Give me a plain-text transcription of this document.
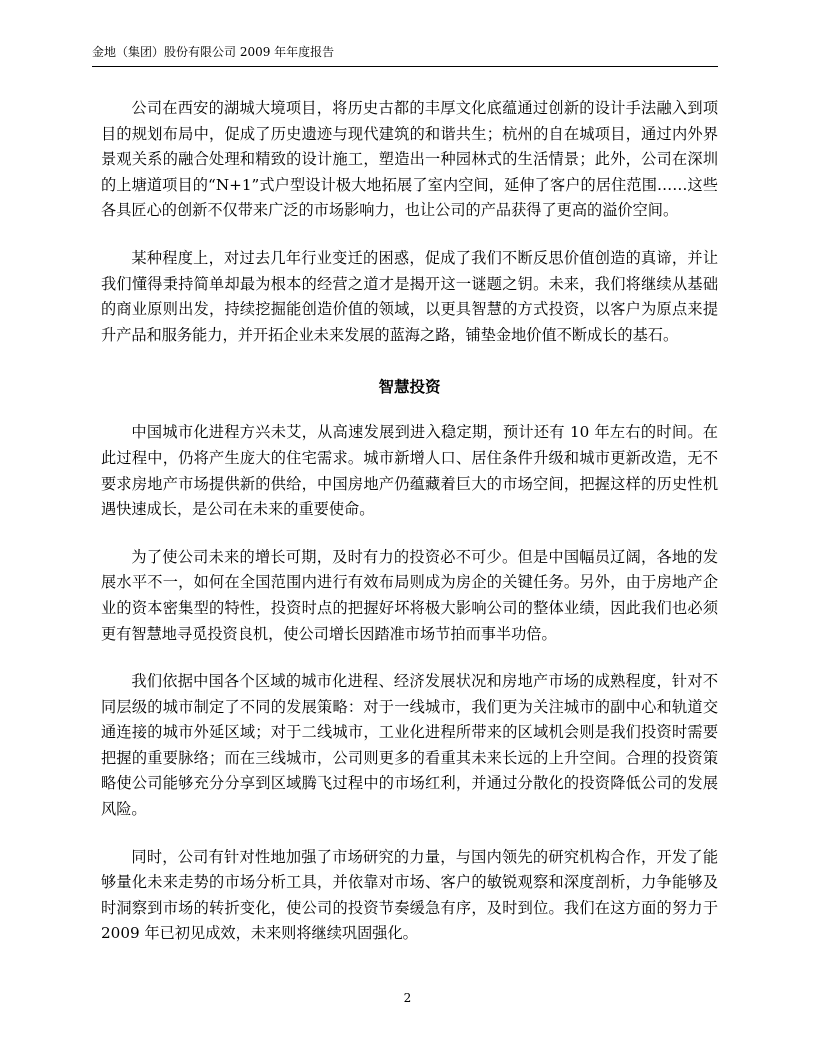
金地（集团）股份有限公司 2009 年年度报告

公司在西安的湖城大境项目，将历史古都的丰厚文化底蕴通过创新的设计手法融入到项目的规划布局中，促成了历史遗迹与现代建筑的和谐共生；杭州的自在城项目，通过内外界景观关系的融合处理和精致的设计施工，塑造出一种园林式的生活情景；此外，公司在深圳的上塘道项目的“N+1”式户型设计极大地拓展了室内空间，延伸了客户的居住范围……这些各具匠心的创新不仅带来广泛的市场影响力，也让公司的产品获得了更高的溢价空间。

某种程度上，对过去几年行业变迁的困惑，促成了我们不断反思价值创造的真谛，并让我们懂得秉持简单却最为根本的经营之道才是揭开这一谜题之钥。未来，我们将继续从基础的商业原则出发，持续挖掘能创造价值的领域，以更具智慧的方式投资，以客户为原点来提升产品和服务能力，并开拓企业未来发展的蓝海之路，铺垫金地价值不断成长的基石。

智慧投资

中国城市化进程方兴未艾，从高速发展到进入稳定期，预计还有 10 年左右的时间。在此过程中，仍将产生庞大的住宅需求。城市新增人口、居住条件升级和城市更新改造，无不要求房地产市场提供新的供给，中国房地产仍蕴藏着巨大的市场空间，把握这样的历史性机遇快速成长，是公司在未来的重要使命。

为了使公司未来的增长可期，及时有力的投资必不可少。但是中国幅员辽阔，各地的发展水平不一，如何在全国范围内进行有效布局则成为房企的关键任务。另外，由于房地产企业的资本密集型的特性，投资时点的把握好坏将极大影响公司的整体业绩，因此我们也必须更有智慧地寻觅投资良机，使公司增长因踏准市场节拍而事半功倍。

我们依据中国各个区域的城市化进程、经济发展状况和房地产市场的成熟程度，针对不同层级的城市制定了不同的发展策略：对于一线城市，我们更为关注城市的副中心和轨道交通连接的城市外延区域；对于二线城市，工业化进程所带来的区域机会则是我们投资时需要把握的重要脉络；而在三线城市，公司则更多的看重其未来长远的上升空间。合理的投资策略使公司能够充分分享到区域腾飞过程中的市场红利，并通过分散化的投资降低公司的发展风险。

同时，公司有针对性地加强了市场研究的力量，与国内领先的研究机构合作，开发了能够量化未来走势的市场分析工具，并依靠对市场、客户的敏锐观察和深度剖析，力争能够及时洞察到市场的转折变化，使公司的投资节奏缓急有序，及时到位。我们在这方面的努力于 2009 年已初见成效，未来则将继续巩固强化。

2
